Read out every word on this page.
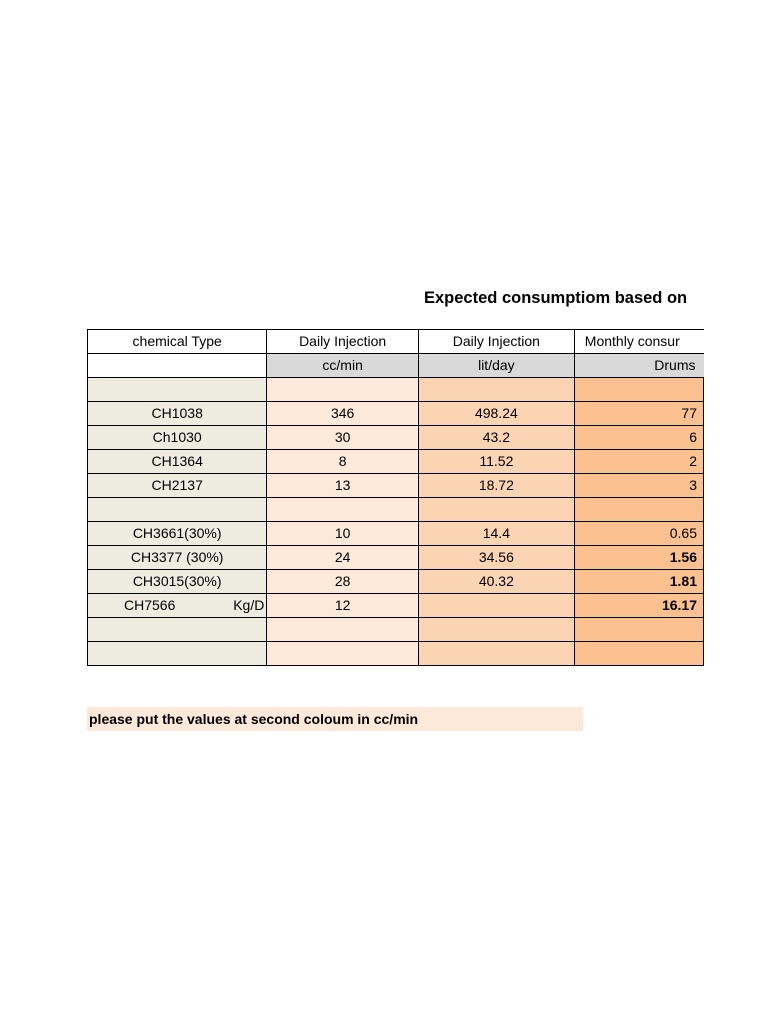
Expected consumptiom based on
chemical Type	Daily Injection	Daily Injection	Monthly consur
	cc/min	lit/day	Drums

CH1038	346	498.24	77
Ch1030	30	43.2	6
CH1364	8	11.52	2
CH2137	13	18.72	3

CH3661(30%)	10	14.4	0.65
CH3377 (30%)	24	34.56	1.56
CH3015(30%)	28	40.32	1.81
CH7566 Kg/D	12		16.17

please put the values at second coloum in cc/min
